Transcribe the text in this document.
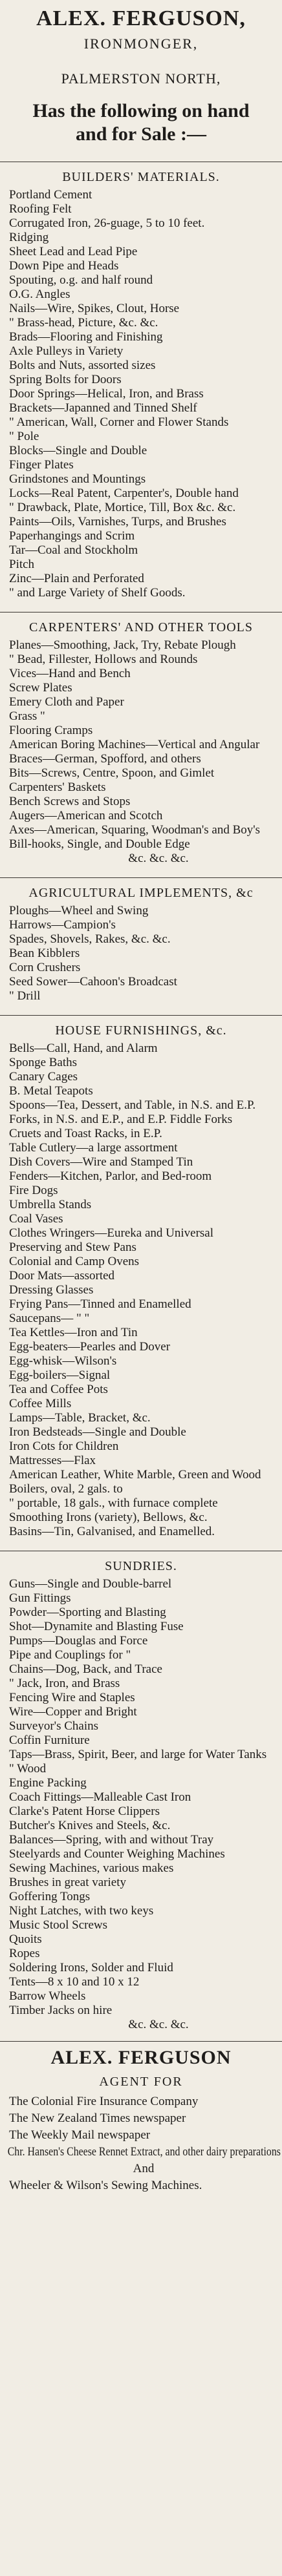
ALEX. FERGUSON,
IRONMONGER,
PALMERSTON NORTH,
Has the following on hand
and for Sale :—
BUILDERS' MATERIALS.
Portland Cement
Roofing Felt
Corrugated Iron, 26-guage, 5 to 10 feet.
Ridging
Sheet Lead and Lead Pipe
Down Pipe and Heads
Spouting, o.g. and half round
O.G. Angles
Nails—Wire, Spikes, Clout, Horse
" Brass-head, Picture, &c. &c.
Brads—Flooring and Finishing
Axle Pulleys in Variety
Bolts and Nuts, assorted sizes
Spring Bolts for Doors
Door Springs—Helical, Iron, and Brass
Brackets—Japanned and Tinned Shelf
" American, Wall, Corner and Flower Stands
" Pole
Blocks—Single and Double
Finger Plates
Grindstones and Mountings
Locks—Real Patent, Carpenter's, Double hand
" Drawback, Plate, Mortice, Till, Box &c. &c.
Paints—Oils, Varnishes, Turps, and Brushes
Paperhangings and Scrim
Tar—Coal and Stockholm
Pitch
Zinc—Plain and Perforated
" and Large Variety of Shelf Goods.
CARPENTERS' AND OTHER TOOLS
Planes—Smoothing, Jack, Try, Rebate Plough
" Bead, Fillester, Hollows and Rounds
Vices—Hand and Bench
Screw Plates
Emery Cloth and Paper
Grass "
Flooring Cramps
American Boring Machines—Vertical and Angular
Braces—German, Spofford, and others
Bits—Screws, Centre, Spoon, and Gimlet
Carpenters' Baskets
Bench Screws and Stops
Augers—American and Scotch
Axes—American, Squaring, Woodman's and Boy's
Bill-hooks, Single, and Double Edge
&c. &c. &c.
AGRICULTURAL IMPLEMENTS, &c
Ploughs—Wheel and Swing
Harrows—Campion's
Spades, Shovels, Rakes, &c. &c.
Bean Kibblers
Corn Crushers
Seed Sower—Cahoon's Broadcast
" Drill
HOUSE FURNISHINGS, &c.
Bells—Call, Hand, and Alarm
Sponge Baths
Canary Cages
B. Metal Teapots
Spoons—Tea, Dessert, and Table, in N.S. and E.P.
Forks, in N.S. and E.P., and E.P. Fiddle Forks
Cruets and Toast Racks, in E.P.
Table Cutlery—a large assortment
Dish Covers—Wire and Stamped Tin
Fenders—Kitchen, Parlor, and Bed-room
Fire Dogs
Umbrella Stands
Coal Vases
Clothes Wringers—Eureka and Universal
Preserving and Stew Pans
Colonial and Camp Ovens
Door Mats—assorted
Dressing Glasses
Frying Pans—Tinned and Enamelled
Saucepans— " "
Tea Kettles—Iron and Tin
Egg-beaters—Pearles and Dover
Egg-whisk—Wilson's
Egg-boilers—Signal
Tea and Coffee Pots
Coffee Mills
Lamps—Table, Bracket, &c.
Iron Bedsteads—Single and Double
Iron Cots for Children
Mattresses—Flax
American Leather, White Marble, Green and Wood
Boilers, oval, 2 gals. to
" portable, 18 gals., with furnace complete
Smoothing Irons (variety), Bellows, &c.
Basins—Tin, Galvanised, and Enamelled.
SUNDRIES.
Guns—Single and Double-barrel
Gun Fittings
Powder—Sporting and Blasting
Shot—Dynamite and Blasting Fuse
Pumps—Douglas and Force
Pipe and Couplings for "
Chains—Dog, Back, and Trace
" Jack, Iron, and Brass
Fencing Wire and Staples
Wire—Copper and Bright
Surveyor's Chains
Coffin Furniture
Taps—Brass, Spirit, Beer, and large for Water Tanks
" Wood
Engine Packing
Coach Fittings—Malleable Cast Iron
Clarke's Patent Horse Clippers
Butcher's Knives and Steels, &c.
Balances—Spring, with and without Tray
Steelyards and Counter Weighing Machines
Sewing Machines, various makes
Brushes in great variety
Goffering Tongs
Night Latches, with two keys
Music Stool Screws
Quoits
Ropes
Soldering Irons, Solder and Fluid
Tents—8 x 10 and 10 x 12
Barrow Wheels
Timber Jacks on hire
&c. &c. &c.
ALEX. FERGUSON
AGENT FOR
The Colonial Fire Insurance Company
The New Zealand Times newspaper
The Weekly Mail newspaper
Chr. Hansen's Cheese Rennet Extract, and other dairy preparations
And
Wheeler & Wilson's Sewing Machines.
